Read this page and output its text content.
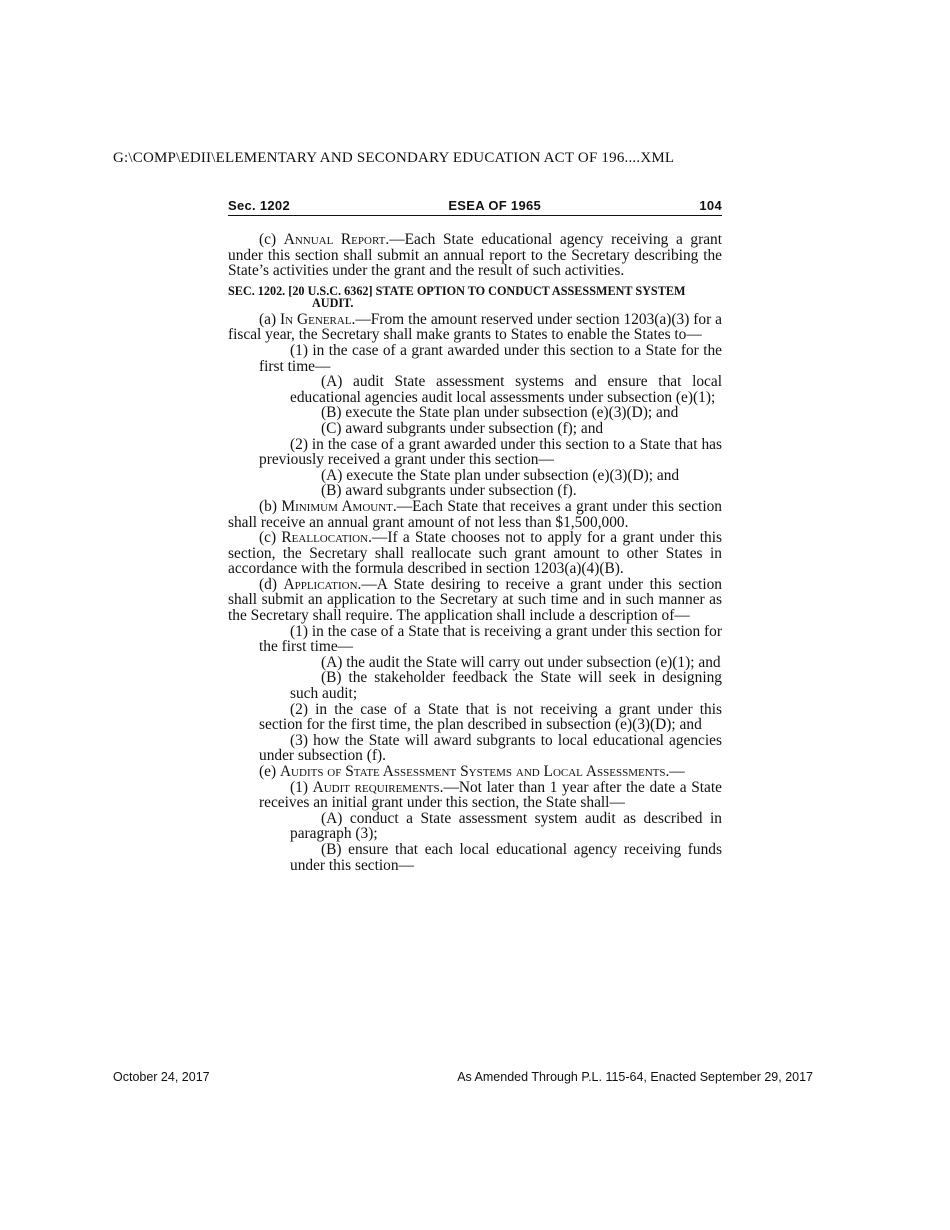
G:\COMP\EDII\ELEMENTARY AND SECONDARY EDUCATION ACT OF 196....XML
Sec. 1202	ESEA OF 1965	104

(c) Annual Report.—Each State educational agency receiving a grant under this section shall submit an annual report to the Secretary describing the State’s activities under the grant and the result of such activities.

SEC. 1202. [20 U.S.C. 6362] STATE OPTION TO CONDUCT ASSESSMENT SYSTEM AUDIT.

(a) In General.—From the amount reserved under section 1203(a)(3) for a fiscal year, the Secretary shall make grants to States to enable the States to—

(1) in the case of a grant awarded under this section to a State for the first time—

(A) audit State assessment systems and ensure that local educational agencies audit local assessments under subsection (e)(1);

(B) execute the State plan under subsection (e)(3)(D); and

(C) award subgrants under subsection (f); and

(2) in the case of a grant awarded under this section to a State that has previously received a grant under this section—

(A) execute the State plan under subsection (e)(3)(D); and

(B) award subgrants under subsection (f).

(b) Minimum Amount.—Each State that receives a grant under this section shall receive an annual grant amount of not less than $1,500,000.

(c) Reallocation.—If a State chooses not to apply for a grant under this section, the Secretary shall reallocate such grant amount to other States in accordance with the formula described in section 1203(a)(4)(B).

(d) Application.—A State desiring to receive a grant under this section shall submit an application to the Secretary at such time and in such manner as the Secretary shall require. The application shall include a description of—

(1) in the case of a State that is receiving a grant under this section for the first time—

(A) the audit the State will carry out under subsection (e)(1); and

(B) the stakeholder feedback the State will seek in designing such audit;

(2) in the case of a State that is not receiving a grant under this section for the first time, the plan described in subsection (e)(3)(D); and

(3) how the State will award subgrants to local educational agencies under subsection (f).

(e) Audits of State Assessment Systems and Local Assessments.—

(1) Audit requirements.—Not later than 1 year after the date a State receives an initial grant under this section, the State shall—

(A) conduct a State assessment system audit as described in paragraph (3);

(B) ensure that each local educational agency receiving funds under this section—

October 24, 2017	As Amended Through P.L. 115-64, Enacted September 29, 2017
